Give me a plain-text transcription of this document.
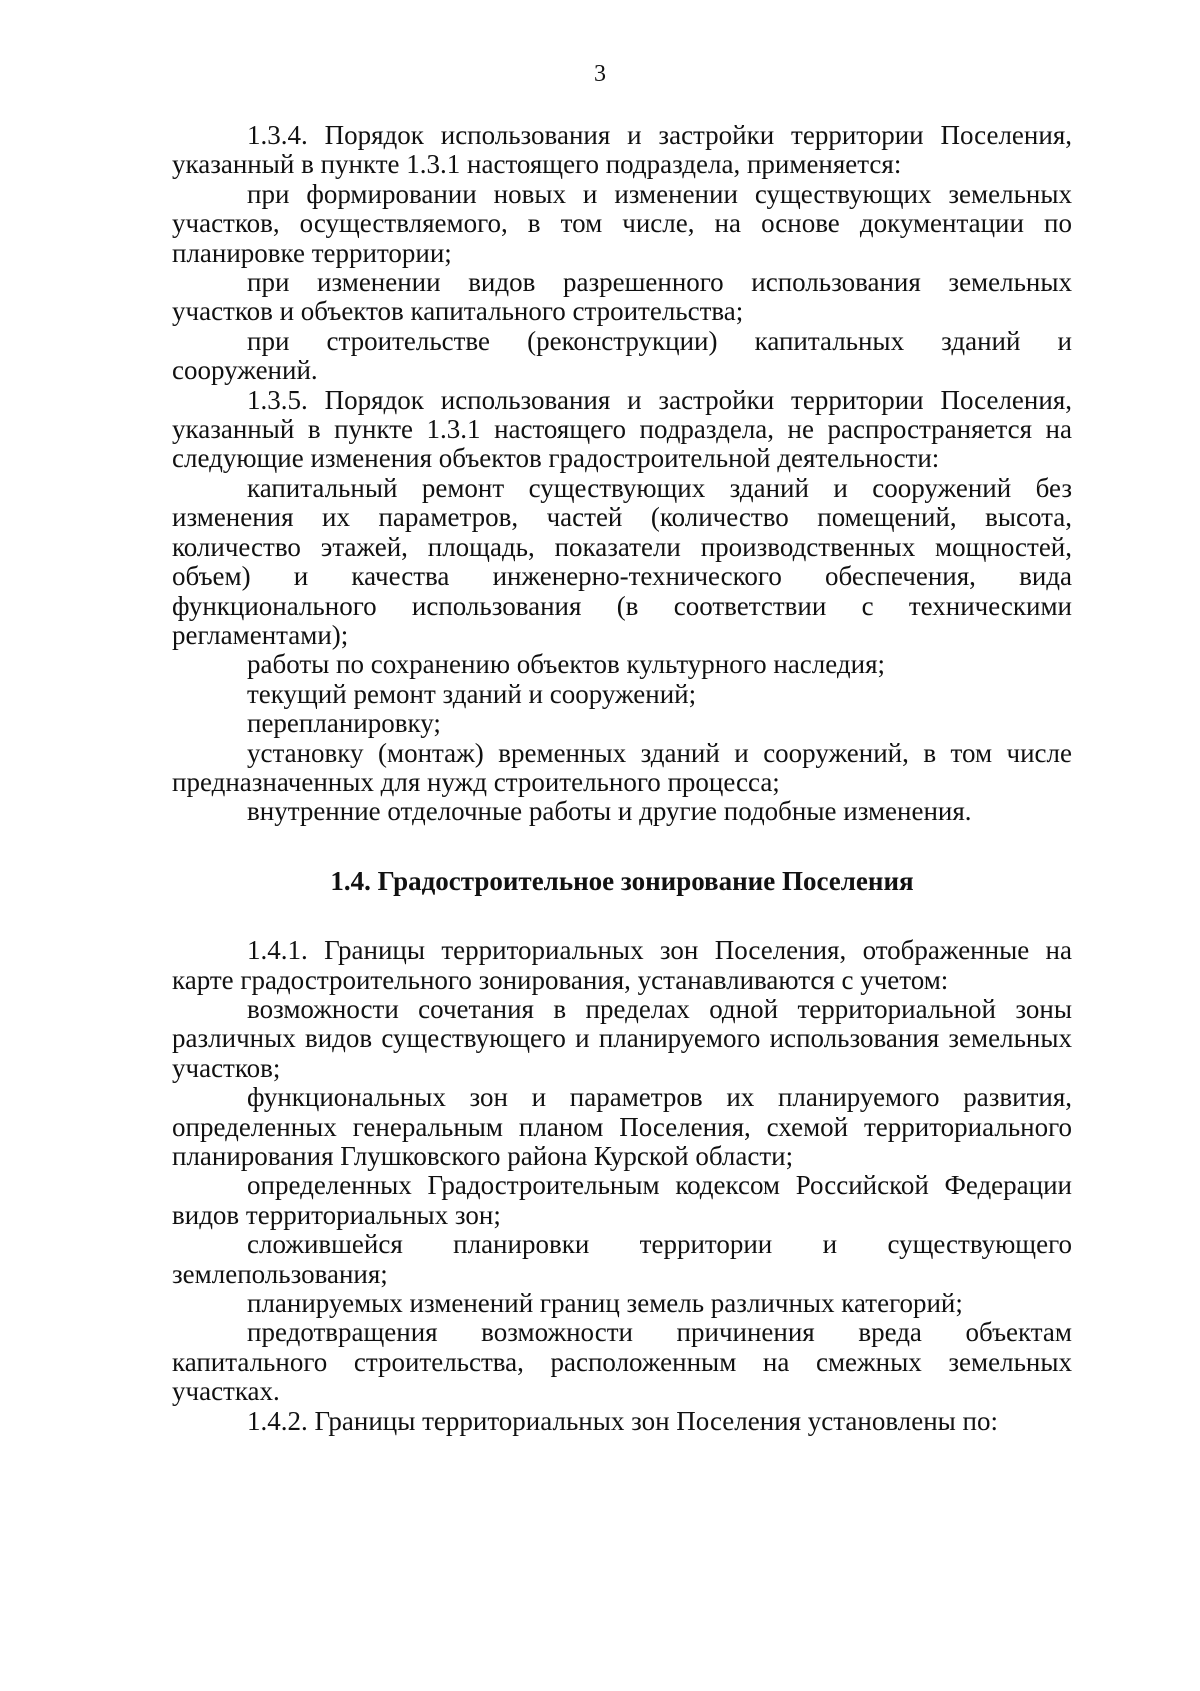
3

1.3.4. Порядок использования и застройки территории Поселения, указанный в пункте 1.3.1 настоящего подраздела, применяется:

при формировании новых и изменении существующих земельных участков, осуществляемого, в том числе, на основе документации по планировке территории;

при изменении видов разрешенного использования земельных участков и объектов капитального строительства;

при строительстве (реконструкции) капитальных зданий и сооружений.

1.3.5. Порядок использования и застройки территории Поселения, указанный в пункте 1.3.1 настоящего подраздела, не распространяется на следующие изменения объектов градостроительной деятельности:

капитальный ремонт существующих зданий и сооружений без изменения их параметров, частей (количество помещений, высота, количество этажей, площадь, показатели производственных мощностей, объем) и качества инженерно-технического обеспечения, вида функционального использования (в соответствии с техническими регламентами);

работы по сохранению объектов культурного наследия;

текущий ремонт зданий и сооружений;

перепланировку;

установку (монтаж) временных зданий и сооружений, в том числе предназначенных для нужд строительного процесса;

внутренние отделочные работы и другие подобные изменения.

1.4. Градостроительное зонирование Поселения

1.4.1. Границы территориальных зон Поселения, отображенные на карте градостроительного зонирования, устанавливаются с учетом:

возможности сочетания в пределах одной территориальной зоны различных видов существующего и планируемого использования земельных участков;

функциональных зон и параметров их планируемого развития, определенных генеральным планом Поселения, схемой территориального планирования Глушковского района Курской области;

определенных Градостроительным кодексом Российской Федерации видов территориальных зон;

сложившейся планировки территории и существующего землепользования;

планируемых изменений границ земель различных категорий;

предотвращения возможности причинения вреда объектам капитального строительства, расположенным на смежных земельных участках.

1.4.2. Границы территориальных зон Поселения установлены по:
